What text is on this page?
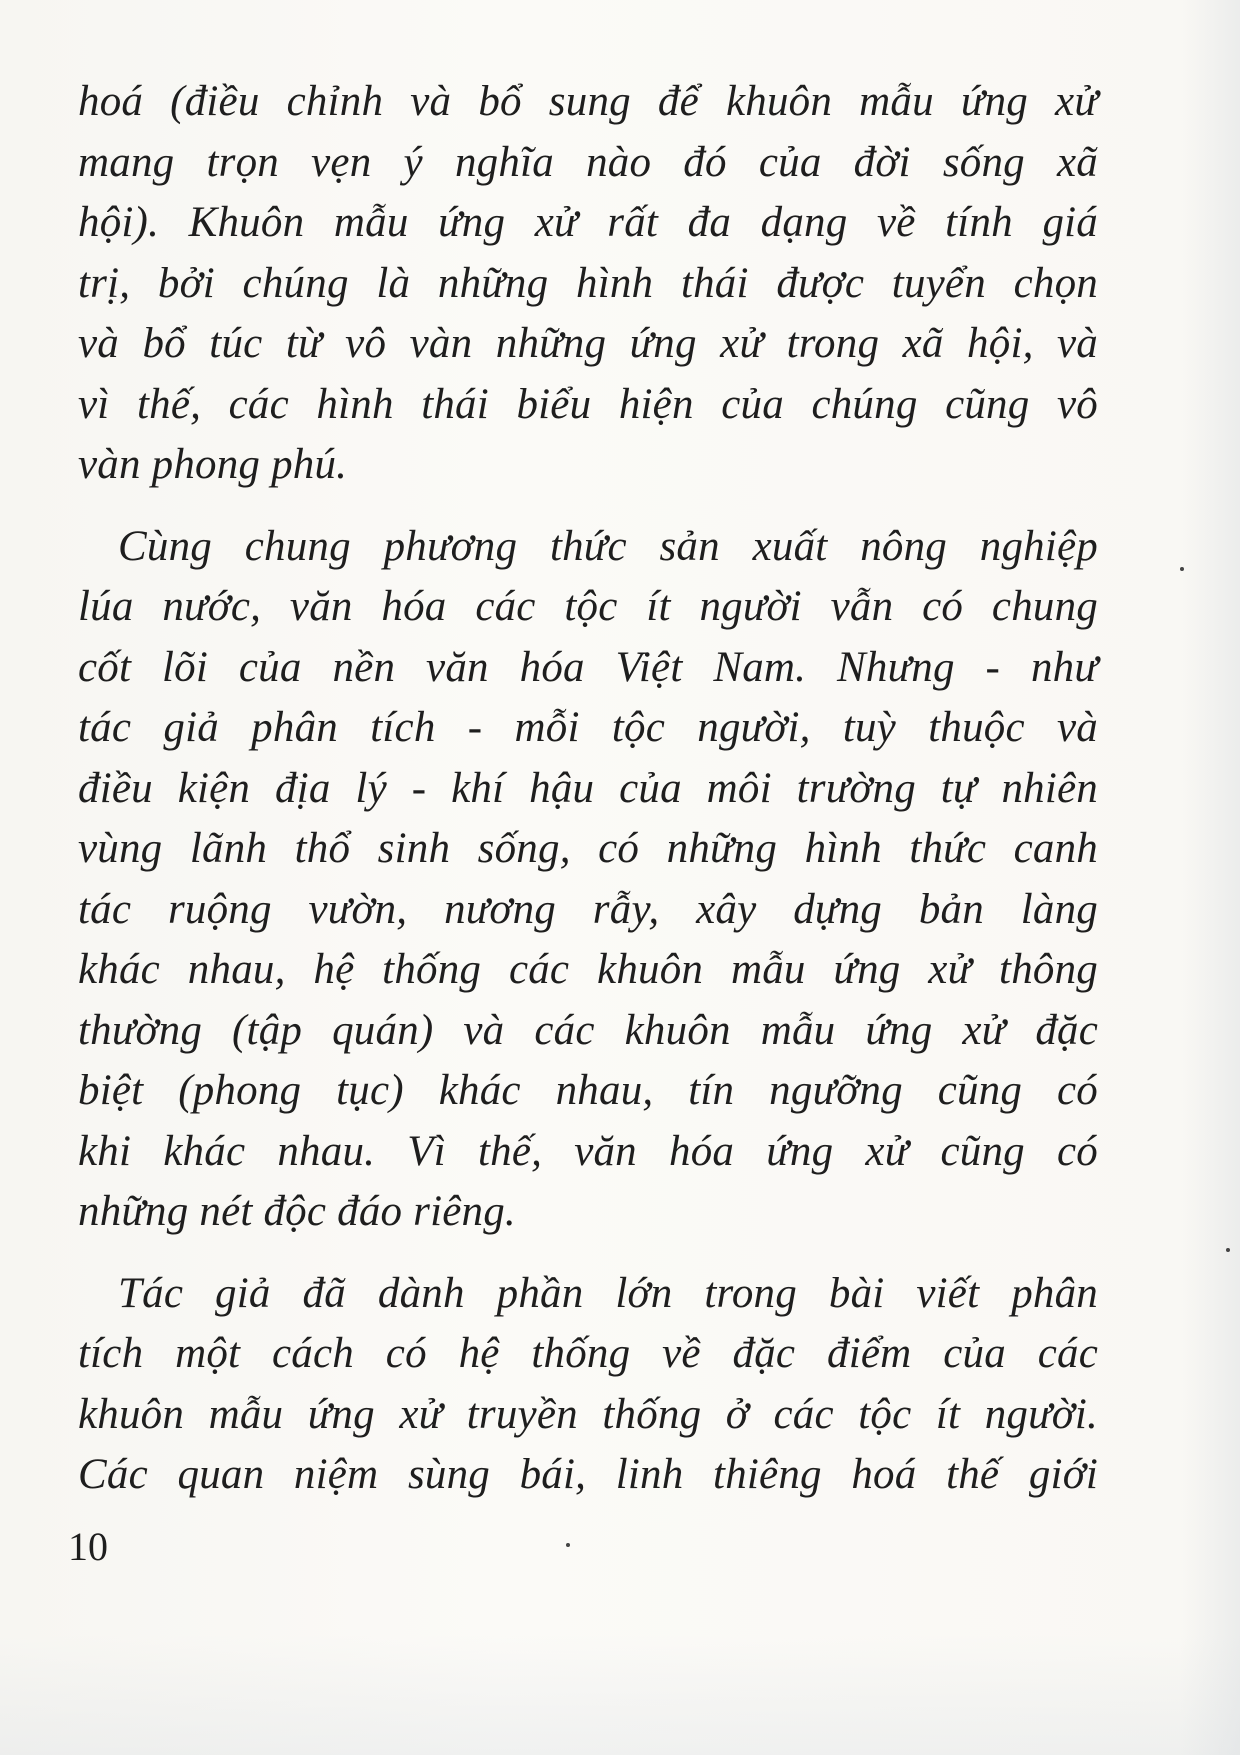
hoá (điều chỉnh và bổ sung để khuôn mẫu ứng xử
mang trọn vẹn ý nghĩa nào đó của đời sống xã
hội). Khuôn mẫu ứng xử rất đa dạng về tính giá
trị, bởi chúng là những hình thái được tuyển chọn
và bổ túc từ vô vàn những ứng xử trong xã hội, và
vì thế, các hình thái biểu hiện của chúng cũng vô
vàn phong phú.

Cùng chung phương thức sản xuất nông nghiệp
lúa nước, văn hóa các tộc ít người vẫn có chung
cốt lõi của nền văn hóa Việt Nam. Nhưng - như
tác giả phân tích - mỗi tộc người, tuỳ thuộc và
điều kiện địa lý - khí hậu của môi trường tự nhiên
vùng lãnh thổ sinh sống, có những hình thức canh
tác ruộng vườn, nương rẫy, xây dựng bản làng
khác nhau, hệ thống các khuôn mẫu ứng xử thông
thường (tập quán) và các khuôn mẫu ứng xử đặc
biệt (phong tục) khác nhau, tín ngưỡng cũng có
khi khác nhau. Vì thế, văn hóa ứng xử cũng có
những nét độc đáo riêng.

Tác giả đã dành phần lớn trong bài viết phân
tích một cách có hệ thống về đặc điểm của các
khuôn mẫu ứng xử truyền thống ở các tộc ít người.
Các quan niệm sùng bái, linh thiêng hoá thế giới

10
